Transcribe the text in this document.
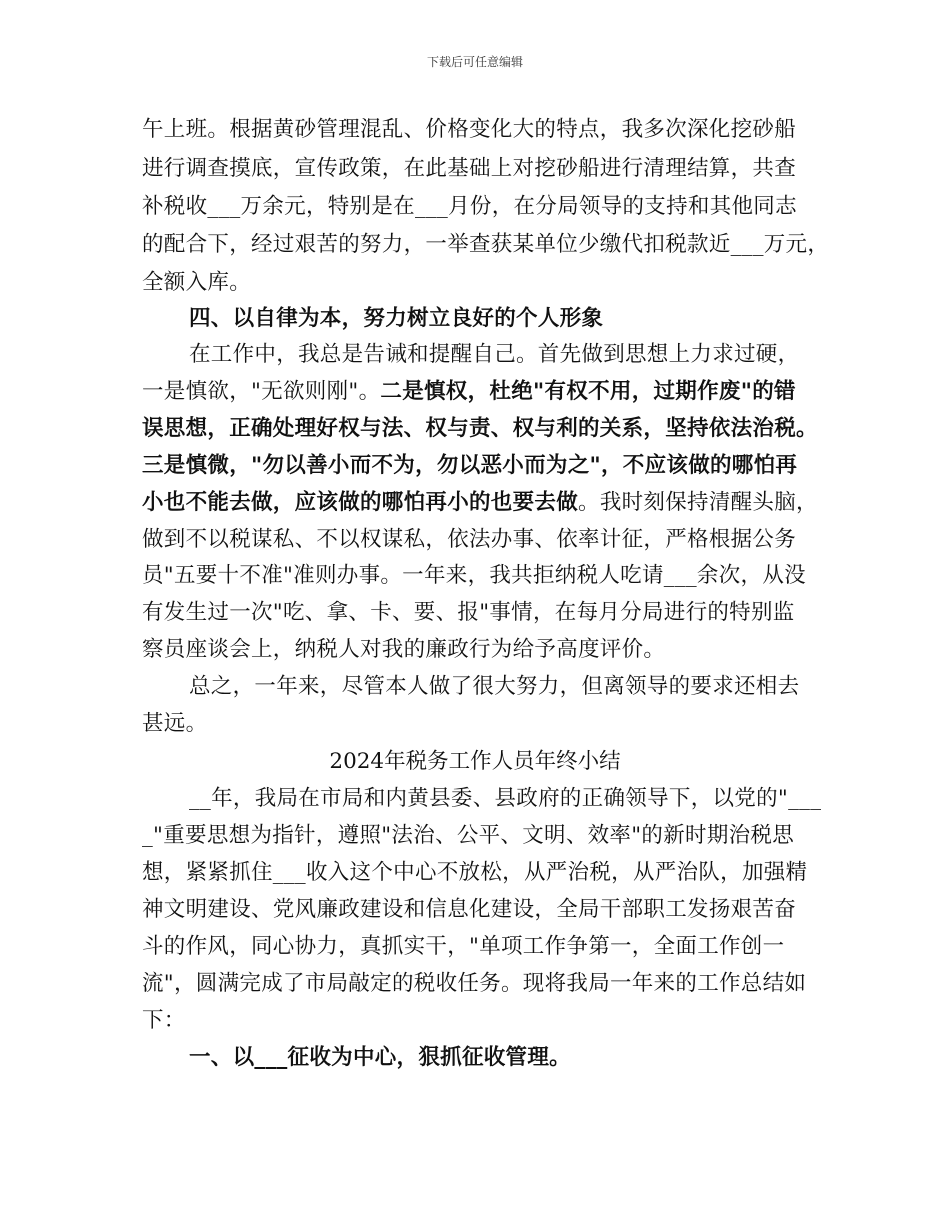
下载后可任意编辑
午上班。根据黄砂管理混乱、价格变化大的特点，我多次深化挖砂船
进行调查摸底，宣传政策，在此基础上对挖砂船进行清理结算，共查
补税收___万余元，特别是在___月份，在分局领导的支持和其他同志
的配合下，经过艰苦的努力，一举查获某单位少缴代扣税款近___万元，
全额入库。
四、以自律为本，努力树立良好的个人形象
在工作中，我总是告诫和提醒自己。首先做到思想上力求过硬，
一是慎欲，"无欲则刚"。二是慎权，杜绝"有权不用，过期作废"的错
误思想，正确处理好权与法、权与责、权与利的关系，坚持依法治税。
三是慎微，"勿以善小而不为，勿以恶小而为之"，不应该做的哪怕再
小也不能去做，应该做的哪怕再小的也要去做。我时刻保持清醒头脑，
做到不以税谋私、不以权谋私，依法办事、依率计征，严格根据公务
员"五要十不准"准则办事。一年来，我共拒纳税人吃请___余次，从没
有发生过一次"吃、拿、卡、要、报"事情，在每月分局进行的特别监
察员座谈会上，纳税人对我的廉政行为给予高度评价。
总之，一年来，尽管本人做了很大努力，但离领导的要求还相去
甚远。
2024年税务工作人员年终小结
__年，我局在市局和内黄县委、县政府的正确领导下，以党的"___
_"重要思想为指针，遵照"法治、公平、文明、效率"的新时期治税思
想，紧紧抓住___收入这个中心不放松，从严治税，从严治队，加强精
神文明建设、党风廉政建设和信息化建设，全局干部职工发扬艰苦奋
斗的作风，同心协力，真抓实干，"单项工作争第一，全面工作创一
流"，圆满完成了市局敲定的税收任务。现将我局一年来的工作总结如
下：
一、以___征收为中心，狠抓征收管理。
